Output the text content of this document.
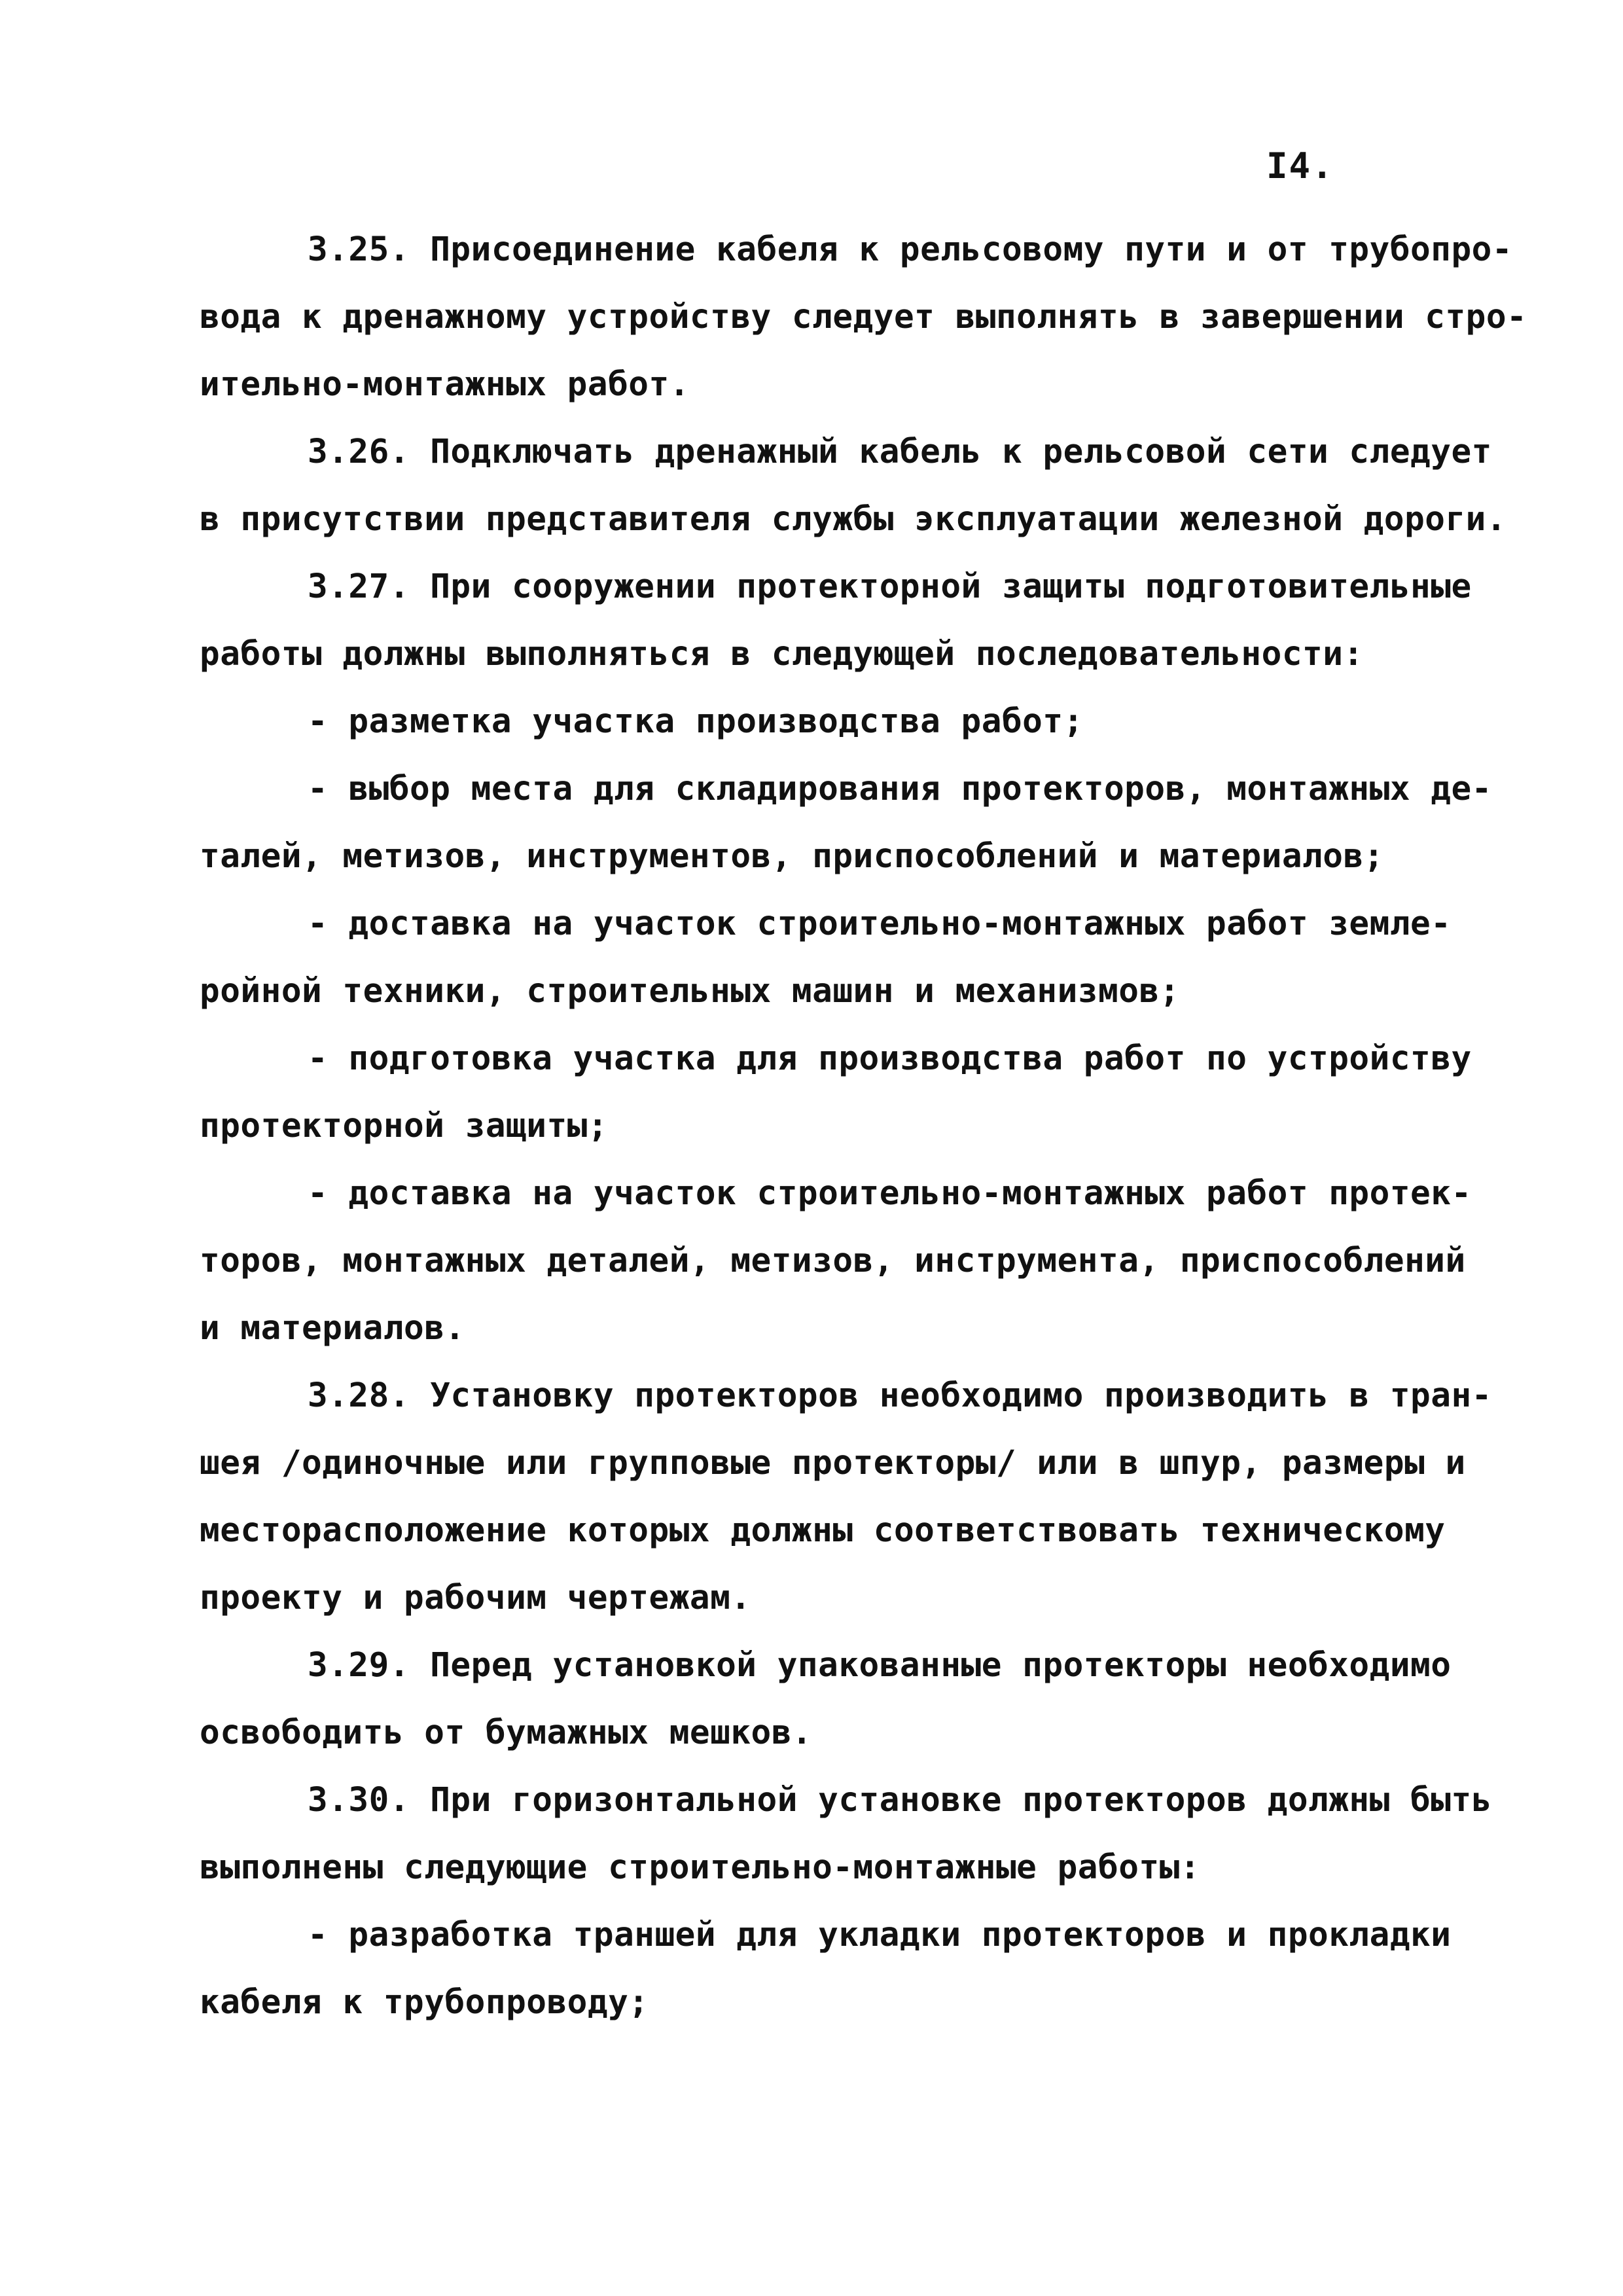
I4.
3.25. Присоединение кабеля к рельсовому пути и от трубопро-
вода к дренажному устройству следует выполнять в завершении стро-
ительно-монтажных работ.
3.26. Подключать дренажный кабель к рельсовой сети следует
в присутствии представителя службы эксплуатации железной дороги.
3.27. При сооружении протекторной защиты подготовительные
работы должны выполняться в следующей последовательности:
- разметка участка производства работ;
- выбор места для складирования протекторов, монтажных де-
талей, метизов, инструментов, приспособлений и материалов;
- доставка на участок строительно-монтажных работ земле-
ройной техники, строительных машин и механизмов;
- подготовка участка для производства работ по устройству
протекторной защиты;
- доставка на участок строительно-монтажных работ протек-
торов, монтажных деталей, метизов, инструмента, приспособлений
и материалов.
3.28. Установку протекторов необходимо производить в тран-
шея /одиночные или групповые протекторы/ или в шпур, размеры и
месторасположение которых должны соответствовать техническому
проекту и рабочим чертежам.
3.29. Перед установкой упакованные протекторы необходимо
освободить от бумажных мешков.
3.30. При горизонтальной установке протекторов должны быть
выполнены следующие строительно-монтажные работы:
- разработка траншей для укладки протекторов и прокладки
кабеля к трубопроводу;
